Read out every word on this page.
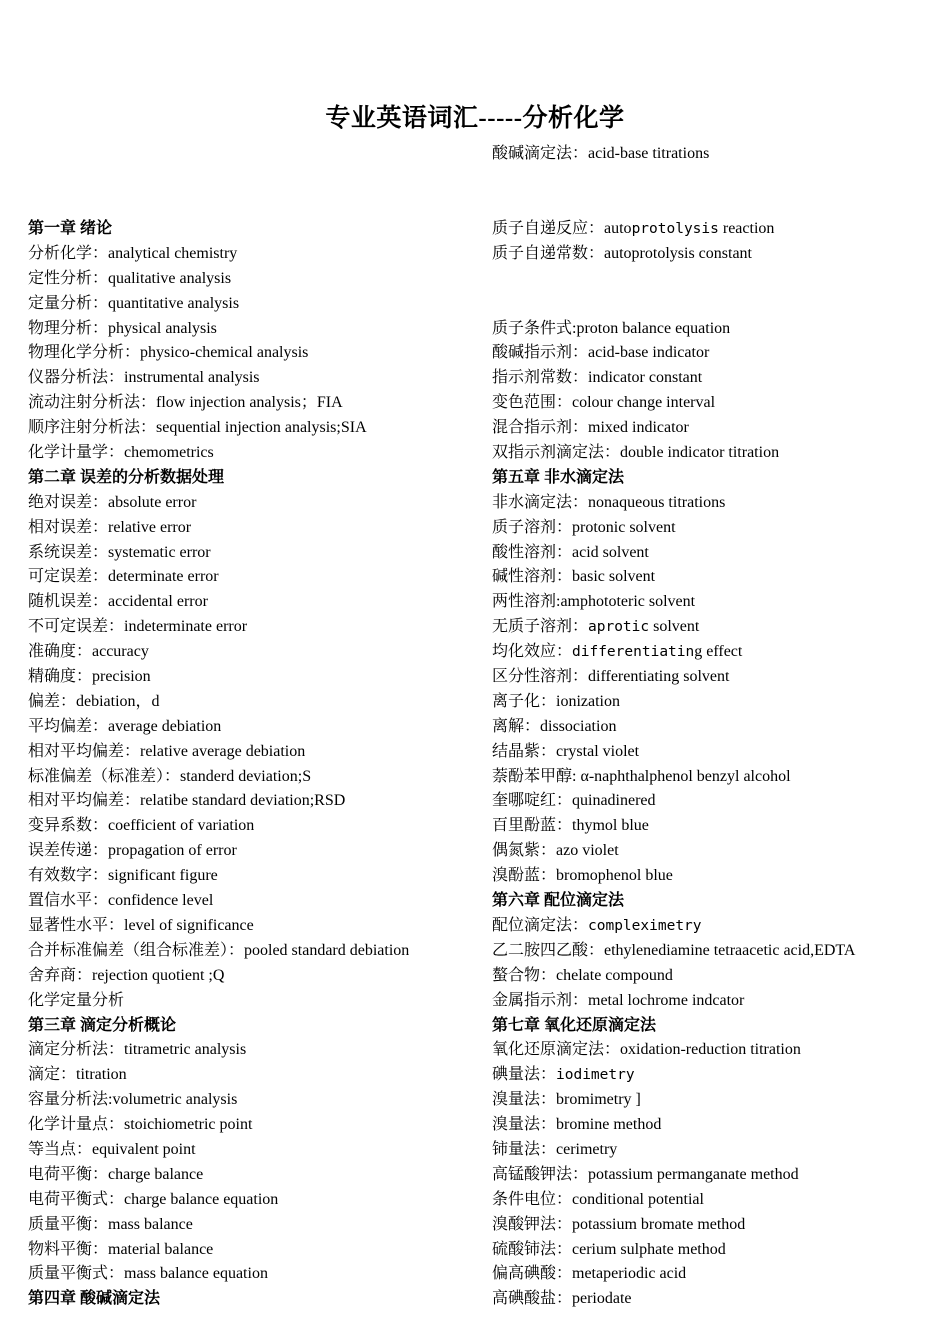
专业英语词汇-----分析化学
酸碱滴定法：acid-base titrations
第一章 绪论
分析化学：analytical chemistry
定性分析：qualitative analysis
定量分析：quantitative analysis
物理分析：physical analysis
物理化学分析：physico-chemical analysis
仪器分析法：instrumental analysis
流动注射分析法：flow injection analysis；FIA
顺序注射分析法：sequential injection analysis;SIA
化学计量学：chemometrics
第二章 误差的分析数据处理
绝对误差：absolute error
相对误差：relative error
系统误差：systematic error
可定误差：determinate error
随机误差：accidental error
不可定误差：indeterminate error
准确度：accuracy
精确度：precision
偏差：debiation，d
平均偏差：average debiation
相对平均偏差：relative average debiation
标准偏差（标准差）：standerd deviation;S
相对平均偏差：relatibe standard deviation;RSD
变异系数：coefficient of variation
误差传递：propagation of error
有效数字：significant figure
置信水平：confidence level
显著性水平：level of significance
合并标准偏差（组合标准差）：pooled standard debiation
舍弃商：rejection quotient ;Q
化学定量分析
第三章 滴定分析概论
滴定分析法：titrametric analysis
滴定：titration
容量分析法:volumetric analysis
化学计量点：stoichiometric point
等当点：equivalent point
电荷平衡：charge balance
电荷平衡式：charge balance equation
质量平衡：mass balance
物料平衡：material balance
质量平衡式：mass balance equation
第四章 酸碱滴定法
质子自递反应：autoprotolysis reaction
质子自递常数：autoprotolysis constant
质子条件式:proton balance equation
酸碱指示剂：acid-base indicator
指示剂常数：indicator constant
变色范围：colour change interval
混合指示剂：mixed indicator
双指示剂滴定法：double indicator titration
第五章 非水滴定法
非水滴定法：nonaqueous titrations
质子溶剂：protonic solvent
酸性溶剂：acid solvent
碱性溶剂：basic solvent
两性溶剂:amphototeric solvent
无质子溶剂：aprotic solvent
均化效应：differentiating effect
区分性溶剂：differentiating solvent
离子化：ionization
离解：dissociation
结晶紫：crystal violet
萘酚苯甲醇: α-naphthalphenol benzyl alcohol
奎哪啶红：quinadinered
百里酚蓝：thymol blue
偶氮紫：azo violet
溴酚蓝：bromophenol blue
第六章 配位滴定法
配位滴定法：compleximetry
乙二胺四乙酸：ethylenediamine tetraacetic acid,EDTA
螯合物：chelate compound
金属指示剂：metal lochrome indcator
第七章 氧化还原滴定法
氧化还原滴定法：oxidation-reduction titration
碘量法：iodimetry
溴量法：bromimetry ]
溴量法：bromine method
铈量法：cerimetry
高锰酸钾法：potassium permanganate method
条件电位：conditional potential
溴酸钾法：potassium bromate method
硫酸铈法：cerium sulphate method
偏高碘酸：metaperiodic acid
高碘酸盐：periodate
